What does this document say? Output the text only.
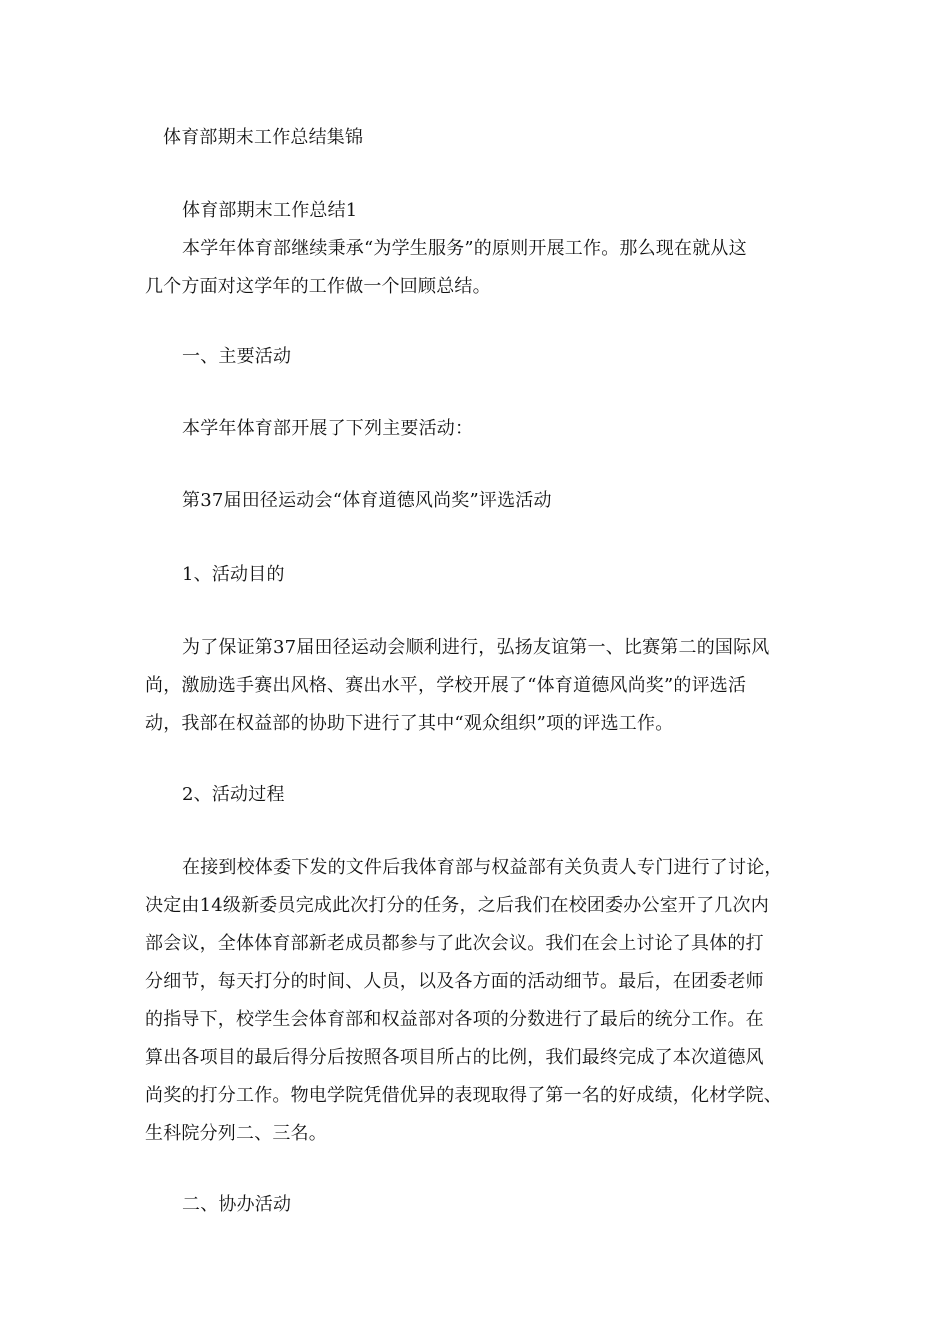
体育部期末工作总结集锦
体育部期末工作总结1
本学年体育部继续秉承“为学生服务”的原则开展工作。那么现在就从这
几个方面对这学年的工作做一个回顾总结。
一、主要活动
本学年体育部开展了下列主要活动：
第37届田径运动会“体育道德风尚奖”评选活动
1、活动目的
为了保证第37届田径运动会顺利进行，弘扬友谊第一、比赛第二的国际风
尚，激励选手赛出风格、赛出水平，学校开展了“体育道德风尚奖”的评选活
动，我部在权益部的协助下进行了其中“观众组织”项的评选工作。
2、活动过程
在接到校体委下发的文件后我体育部与权益部有关负责人专门进行了讨论，
决定由14级新委员完成此次打分的任务，之后我们在校团委办公室开了几次内
部会议，全体体育部新老成员都参与了此次会议。我们在会上讨论了具体的打
分细节，每天打分的时间、人员，以及各方面的活动细节。最后，在团委老师
的指导下，校学生会体育部和权益部对各项的分数进行了最后的统分工作。在
算出各项目的最后得分后按照各项目所占的比例，我们最终完成了本次道德风
尚奖的打分工作。物电学院凭借优异的表现取得了第一名的好成绩，化材学院、
生科院分列二、三名。
二、协办活动
